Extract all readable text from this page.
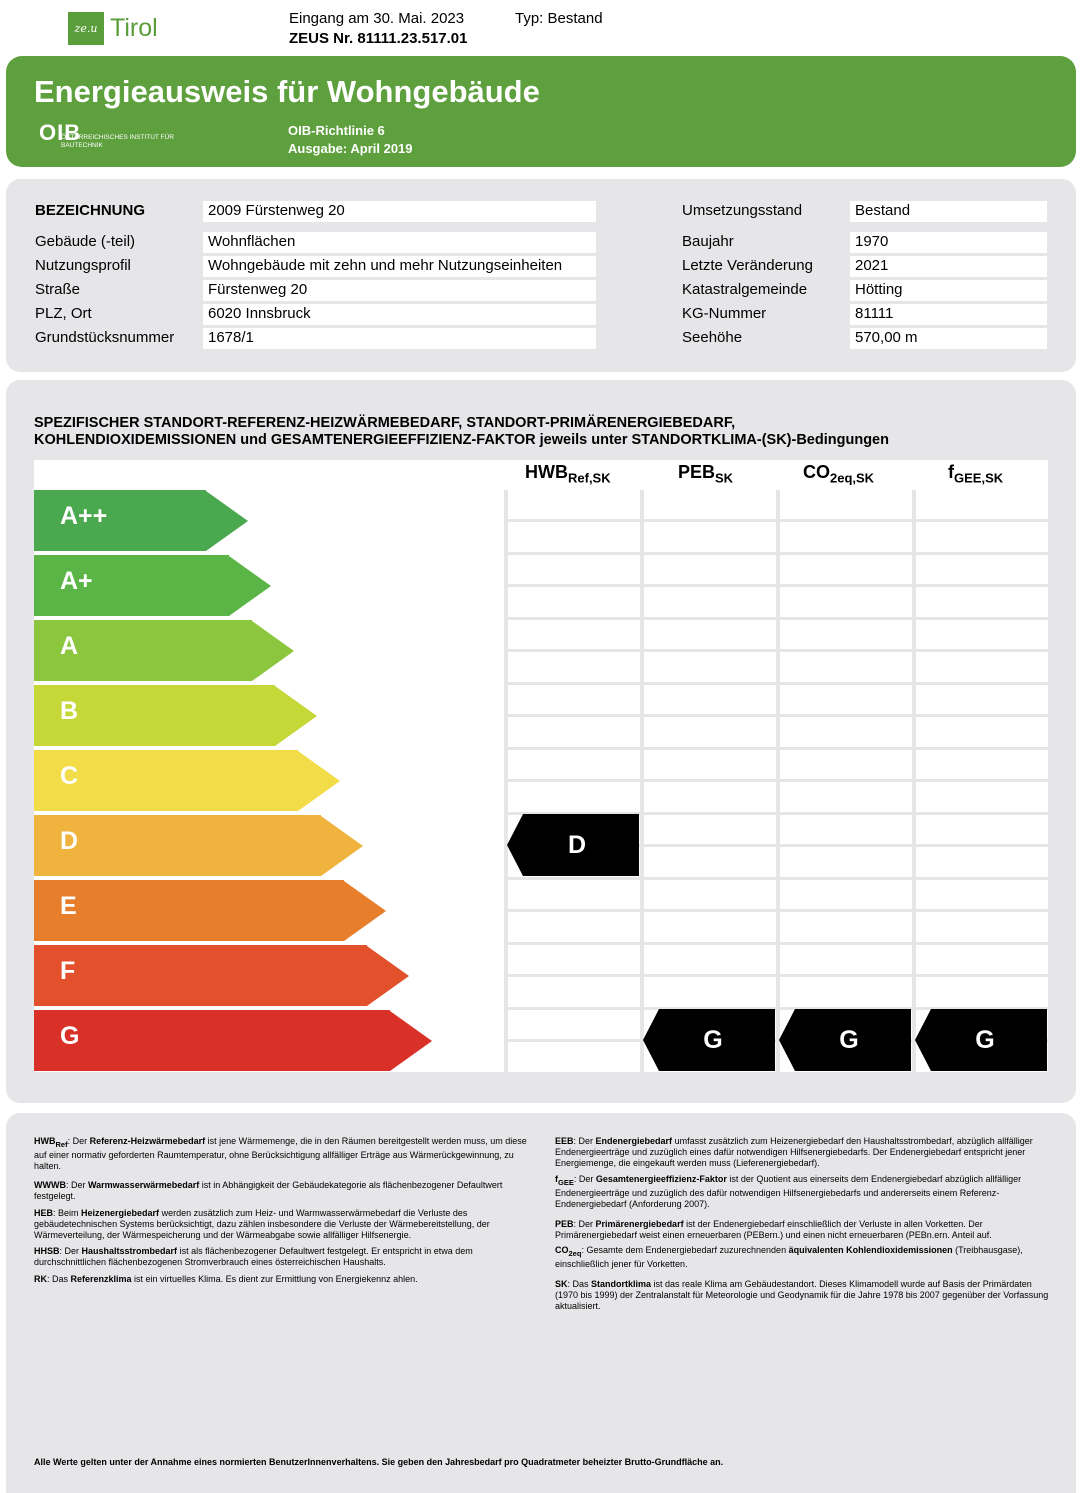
ze.u Tirol	Eingang am 30. Mai. 2023	Typ: Bestand
ZEUS Nr. 81111.23.517.01
Energieausweis für Wohngebäude
OIB
ÖSTERREICHISCHES INSTITUT FÜR BAUTECHNIK
OIB-Richtlinie 6
Ausgabe: April 2019
BEZEICHNUNG	2009 Fürstenweg 20
Gebäude (-teil)	Wohnflächen
Nutzungsprofil	Wohngebäude mit zehn und mehr Nutzungseinheiten
Straße	Fürstenweg 20
PLZ, Ort	6020 Innsbruck
Grundstücksnummer	1678/1
Umsetzungsstand	Bestand
Baujahr	1970
Letzte Veränderung	2021
Katastralgemeinde	Hötting
KG-Nummer	81111
Seehöhe	570,00 m
SPEZIFISCHER STANDORT-REFERENZ-HEIZWÄRMEBEDARF, STANDORT-PRIMÄRENERGIEBEDARF,
KOHLENDIOXIDEMISSIONEN und GESAMTENERGIEEFFIZIENZ-FAKTOR jeweils unter STANDORTKLIMA-(SK)-Bedingungen
$HWB_{Ref,SK}$	$PEB_{SK}$	$CO_{2eq,SK}$	$f_{GEE,SK}$
A++
A+
A
B
C
D
E
F
G
D
G	G	G
$HWB_{Ref}$: Der Referenz-Heizwärmebedarf ist jene Wärmemenge, die in den Räumen bereitgestellt werden muss, um diese auf einer normativ geforderten Raumtemperatur, ohne Berücksichtigung allfälliger Erträge aus Wärmerückgewinnung, zu halten.
WWWB: Der Warmwasserwärmebedarf ist in Abhängigkeit der Gebäudekategorie als flächenbezogener Defaultwert festgelegt.
HEB: Beim Heizenergiebedarf werden zusätzlich zum Heiz- und Warmwasserwärmebedarf die Verluste des gebäudetechnischen Systems berücksichtigt, dazu zählen insbesondere die Verluste der Wärmebereitstellung, der Wärmeverteilung, der Wärmespeicherung und der Wärmeabgabe sowie allfälliger Hilfsenergie.
HHSB: Der Haushaltsstrombedarf ist als flächenbezogener Defaultwert festgelegt. Er entspricht in etwa dem durchschnittlichen flächenbezogenen Stromverbrauch eines österreichischen Haushalts.
RK: Das Referenzklima ist ein virtuelles Klima. Es dient zur Ermittlung von Energiekennz ahlen.
EEB: Der Endenergiebedarf umfasst zusätzlich zum Heizenergiebedarf den Haushaltsstrombedarf, abzüglich allfälliger Endenergieerträge und zuzüglich eines dafür notwendigen Hilfsenergiebedarfs. Der Endenergiebedarf entspricht jener Energiemenge, die eingekauft werden muss (Lieferenergiebedarf).
$f_{GEE}$: Der Gesamtenergieeffizienz-Faktor ist der Quotient aus einerseits dem Endenergiebedarf abzüglich allfälliger Endenergieerträge und zuzüglich des dafür notwendigen Hilfsenergiebedarfs und andererseits einem Referenz-Endenergiebedarf (Anforderung 2007).
PEB: Der Primärenergiebedarf ist der Endenergiebedarf einschließlich der Verluste in allen Vorketten. Der Primärenergiebedarf weist einen erneuerbaren (PEBern.) und einen nicht erneuerbaren (PEBn.ern. Anteil auf.
$CO_{2eq}$: Gesamte dem Endenergiebedarf zuzurechnenden äquivalenten Kohlendioxidemissionen (Treibhausgase), einschließlich jener für Vorketten.
SK: Das Standortklima ist das reale Klima am Gebäudestandort. Dieses Klimamodell wurde auf Basis der Primärdaten (1970 bis 1999) der Zentralanstalt für Meteorologie und Geodynamik für die Jahre 1978 bis 2007 gegenüber der Vorfassung aktualisiert.
Alle Werte gelten unter der Annahme eines normierten BenutzerInnenverhaltens. Sie geben den Jahresbedarf pro Quadratmeter beheizter Brutto-Grundfläche an.
